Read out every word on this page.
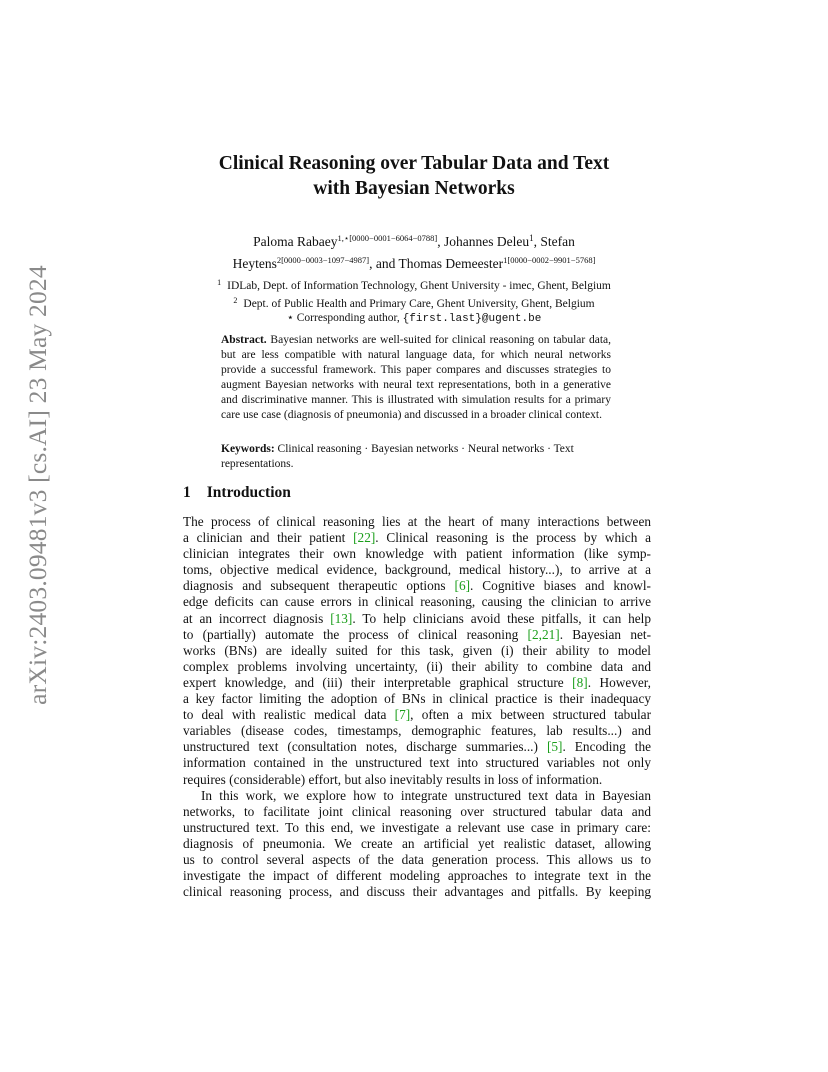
arXiv:2403.09481v3 [cs.AI] 23 May 2024
Clinical Reasoning over Tabular Data and Text
with Bayesian Networks
Paloma Rabaey$^{1,⋆[0000-0001-6064-0788]}$, Johannes Deleu$^1$, Stefan
Heytens$^{2[0000-0003-1097-4987]}$, and Thomas Demeester$^{1[0000-0002-9901-5768]}$
$^1$ IDLab, Dept. of Information Technology, Ghent University - imec, Ghent, Belgium
$^2$ Dept. of Public Health and Primary Care, Ghent University, Ghent, Belgium
⋆ Corresponding author, {first.last}@ugent.be
Abstract. Bayesian networks are well-suited for clinical reasoning on tabular data, but are less compatible with natural language data, for which neural networks provide a successful framework. This paper compares and discusses strategies to augment Bayesian networks with neural text representations, both in a generative and discriminative manner. This is illustrated with simulation results for a primary care use case (diagnosis of pneumonia) and discussed in a broader clinical context.
Keywords: Clinical reasoning · Bayesian networks · Neural networks · Text representations.
1 Introduction
The process of clinical reasoning lies at the heart of many interactions between
a clinician and their patient [22]. Clinical reasoning is the process by which a
clinician integrates their own knowledge with patient information (like symp-
toms, objective medical evidence, background, medical history...), to arrive at a
diagnosis and subsequent therapeutic options [6]. Cognitive biases and knowl-
edge deficits can cause errors in clinical reasoning, causing the clinician to arrive
at an incorrect diagnosis [13]. To help clinicians avoid these pitfalls, it can help
to (partially) automate the process of clinical reasoning [2,21]. Bayesian net-
works (BNs) are ideally suited for this task, given (i) their ability to model
complex problems involving uncertainty, (ii) their ability to combine data and
expert knowledge, and (iii) their interpretable graphical structure [8]. However,
a key factor limiting the adoption of BNs in clinical practice is their inadequacy
to deal with realistic medical data [7], often a mix between structured tabular
variables (disease codes, timestamps, demographic features, lab results...) and
unstructured text (consultation notes, discharge summaries...) [5]. Encoding the
information contained in the unstructured text into structured variables not only
requires (considerable) effort, but also inevitably results in loss of information.
In this work, we explore how to integrate unstructured text data in Bayesian
networks, to facilitate joint clinical reasoning over structured tabular data and
unstructured text. To this end, we investigate a relevant use case in primary care:
diagnosis of pneumonia. We create an artificial yet realistic dataset, allowing
us to control several aspects of the data generation process. This allows us to
investigate the impact of different modeling approaches to integrate text in the
clinical reasoning process, and discuss their advantages and pitfalls. By keeping
